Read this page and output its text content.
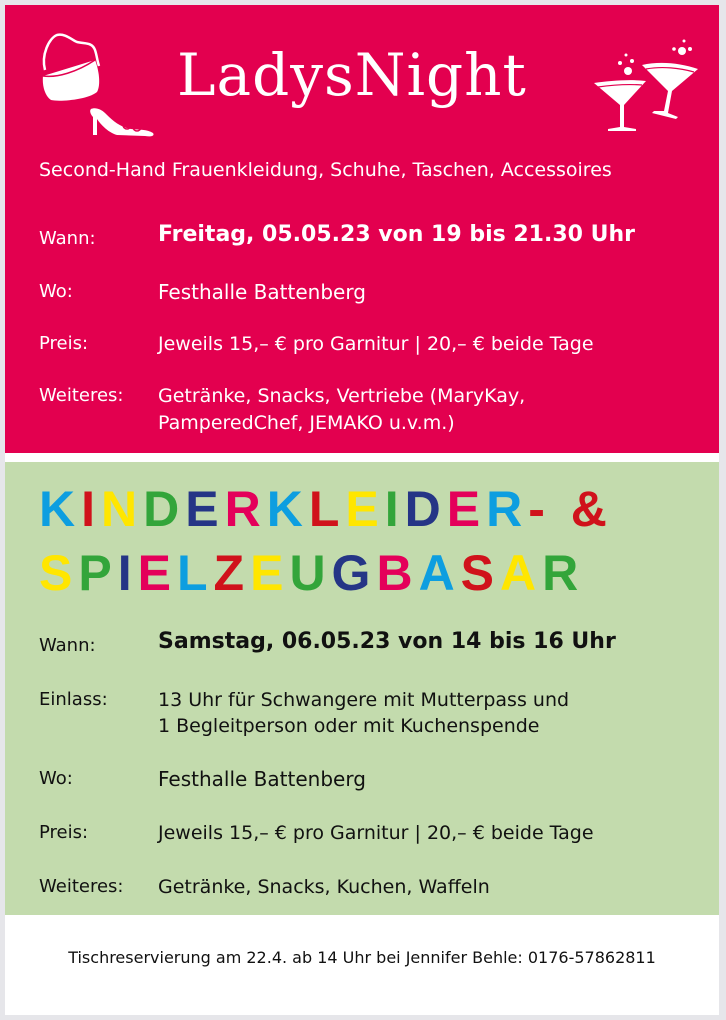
LadysNight
Second-Hand Frauenkleidung, Schuhe, Taschen, Accessoires
Wann:	Freitag, 05.05.23 von 19 bis 21.30 Uhr
Wo:	Festhalle Battenberg
Preis:	Jeweils 15,– € pro Garnitur | 20,– € beide Tage
Weiteres: Getränke, Snacks, Vertriebe (MaryKay,
PamperedChef, JEMAKO u.v.m.)
KINDERKLEIDER- &
SPIELZEUGBASAR
Wann:	Samstag, 06.05.23 von 14 bis 16 Uhr
Einlass:	13 Uhr für Schwangere mit Mutterpass und
1 Begleitperson oder mit Kuchenspende
Wo:	Festhalle Battenberg
Preis:	Jeweils 15,– € pro Garnitur | 20,– € beide Tage
Weiteres: Getränke, Snacks, Kuchen, Waffeln
Tischreservierung am 22.4. ab 14 Uhr bei Jennifer Behle: 0176-57862811
